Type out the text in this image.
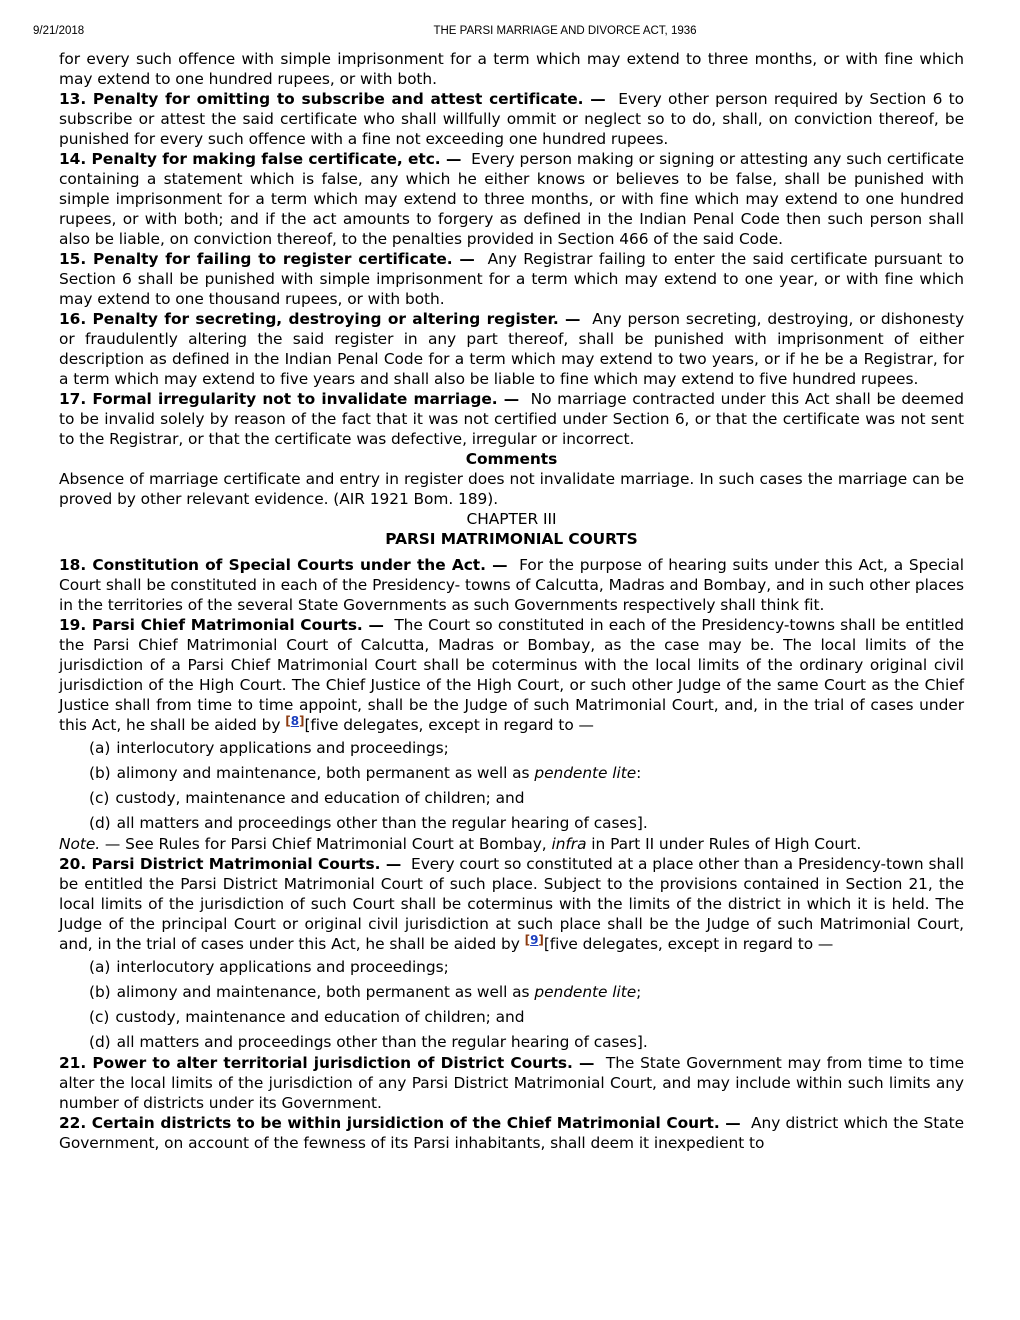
9/21/2018	THE PARSI MARRIAGE AND DIVORCE ACT, 1936

for every such offence with simple imprisonment for a term which may extend to three months, or with fine which may extend to one hundred rupees, or with both.

13. Penalty for omitting to subscribe and attest certificate. — Every other person required by Section 6 to subscribe or attest the said certificate who shall willfully ommit or neglect so to do, shall, on conviction thereof, be punished for every such offence with a fine not exceeding one hundred rupees.

14. Penalty for making false certificate, etc. — Every person making or signing or attesting any such certificate containing a statement which is false, any which he either knows or believes to be false, shall be punished with simple imprisonment for a term which may extend to three months, or with fine which may extend to one hundred rupees, or with both; and if the act amounts to forgery as defined in the Indian Penal Code then such person shall also be liable, on conviction thereof, to the penalties provided in Section 466 of the said Code.

15. Penalty for failing to register certificate. — Any Registrar failing to enter the said certificate pursuant to Section 6 shall be punished with simple imprisonment for a term which may extend to one year, or with fine which may extend to one thousand rupees, or with both.

16. Penalty for secreting, destroying or altering register. — Any person secreting, destroying, or dishonesty or fraudulently altering the said register in any part thereof, shall be punished with imprisonment of either description as defined in the Indian Penal Code for a term which may extend to two years, or if he be a Registrar, for a term which may extend to five years and shall also be liable to fine which may extend to five hundred rupees.

17. Formal irregularity not to invalidate marriage. — No marriage contracted under this Act shall be deemed to be invalid solely by reason of the fact that it was not certified under Section 6, or that the certificate was not sent to the Registrar, or that the certificate was defective, irregular or incorrect.

Comments

Absence of marriage certificate and entry in register does not invalidate marriage. In such cases the marriage can be proved by other relevant evidence. (AIR 1921 Bom. 189).

CHAPTER III

PARSI MATRIMONIAL COURTS

18. Constitution of Special Courts under the Act. — For the purpose of hearing suits under this Act, a Special Court shall be constituted in each of the Presidency- towns of Calcutta, Madras and Bombay, and in such other places in the territories of the several State Governments as such Governments respectively shall think fit.

19. Parsi Chief Matrimonial Courts. — The Court so constituted in each of the Presidency-towns shall be entitled the Parsi Chief Matrimonial Court of Calcutta, Madras or Bombay, as the case may be. The local limits of the jurisdiction of a Parsi Chief Matrimonial Court shall be coterminus with the local limits of the ordinary original civil jurisdiction of the High Court. The Chief Justice of the High Court, or such other Judge of the same Court as the Chief Justice shall from time to time appoint, shall be the Judge of such Matrimonial Court, and, in the trial of cases under this Act, he shall be aided by [8][five delegates, except in regard to —

(a) interlocutory applications and proceedings;
(b) alimony and maintenance, both permanent as well as pendente lite:
(c) custody, maintenance and education of children; and
(d) all matters and proceedings other than the regular hearing of cases].

Note. — See Rules for Parsi Chief Matrimonial Court at Bombay, infra in Part II under Rules of High Court.

20. Parsi District Matrimonial Courts. — Every court so constituted at a place other than a Presidency-town shall be entitled the Parsi District Matrimonial Court of such place. Subject to the provisions contained in Section 21, the local limits of the jurisdiction of such Court shall be coterminus with the limits of the district in which it is held. The Judge of the principal Court or original civil jurisdiction at such place shall be the Judge of such Matrimonial Court, and, in the trial of cases under this Act, he shall be aided by [9][five delegates, except in regard to —

(a) interlocutory applications and proceedings;
(b) alimony and maintenance, both permanent as well as pendente lite;
(c) custody, maintenance and education of children; and
(d) all matters and proceedings other than the regular hearing of cases].

21. Power to alter territorial jurisdiction of District Courts. — The State Government may from time to time alter the local limits of the jurisdiction of any Parsi District Matrimonial Court, and may include within such limits any number of districts under its Government.

22. Certain districts to be within jursidiction of the Chief Matrimonial Court. — Any district which the State Government, on account of the fewness of its Parsi inhabitants, shall deem it inexpedient to
